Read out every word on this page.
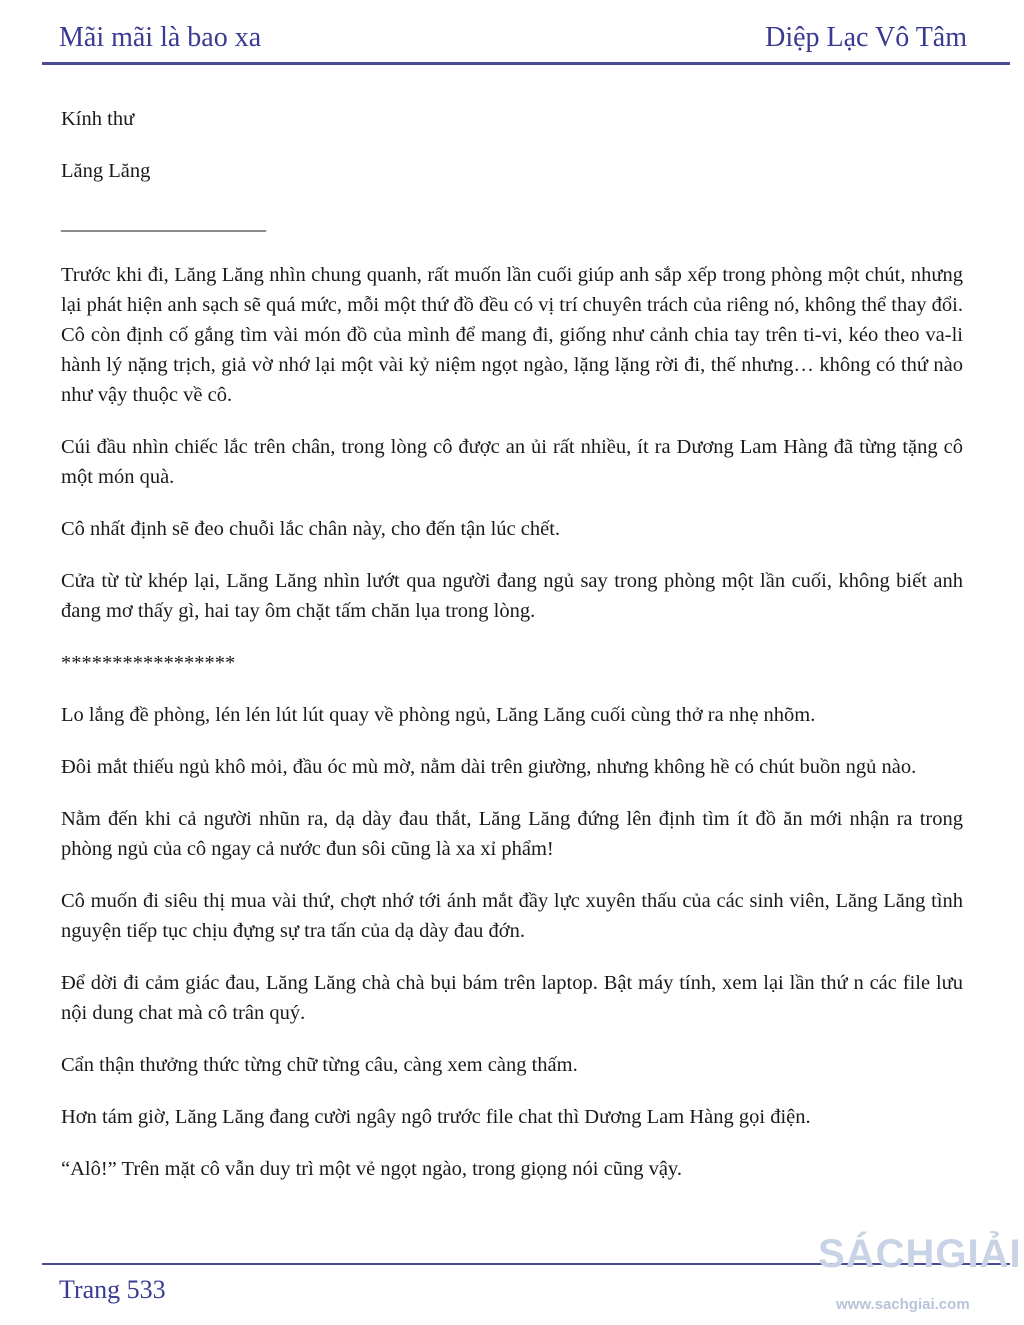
Mãi mãi là bao xa	Diệp Lạc Vô Tâm

Kính thư

Lăng Lăng

____________________

Trước khi đi, Lăng Lăng nhìn chung quanh, rất muốn lần cuối giúp anh sắp xếp trong phòng một chút, nhưng lại phát hiện anh sạch sẽ quá mức, mỗi một thứ đồ đều có vị trí chuyên trách của riêng nó, không thể thay đổi. Cô còn định cố gắng tìm vài món đồ của mình để mang đi, giống như cảnh chia tay trên ti-vi, kéo theo va-li hành lý nặng trịch, giả vờ nhớ lại một vài kỷ niệm ngọt ngào, lặng lặng rời đi, thế nhưng… không có thứ nào như vậy thuộc về cô.

Cúi đầu nhìn chiếc lắc trên chân, trong lòng cô được an ủi rất nhiều, ít ra Dương Lam Hàng đã từng tặng cô một món quà.

Cô nhất định sẽ đeo chuỗi lắc chân này, cho đến tận lúc chết.

Cửa từ từ khép lại, Lăng Lăng nhìn lướt qua người đang ngủ say trong phòng một lần cuối, không biết anh đang mơ thấy gì, hai tay ôm chặt tấm chăn lụa trong lòng.

*****************

Lo lắng đề phòng, lén lén lút lút quay về phòng ngủ, Lăng Lăng cuối cùng thở ra nhẹ nhõm.

Đôi mắt thiếu ngủ khô mỏi, đầu óc mù mờ, nằm dài trên giường, nhưng không hề có chút buồn ngủ nào.

Nằm đến khi cả người nhũn ra, dạ dày đau thắt, Lăng Lăng đứng lên định tìm ít đồ ăn mới nhận ra trong phòng ngủ của cô ngay cả nước đun sôi cũng là xa xỉ phẩm!

Cô muốn đi siêu thị mua vài thứ, chợt nhớ tới ánh mắt đầy lực xuyên thấu của các sinh viên, Lăng Lăng tình nguyện tiếp tục chịu đựng sự tra tấn của dạ dày đau đớn.

Để dời đi cảm giác đau, Lăng Lăng chà chà bụi bám trên laptop. Bật máy tính, xem lại lần thứ n các file lưu nội dung chat mà cô trân quý.

Cẩn thận thưởng thức từng chữ từng câu, càng xem càng thấm.

Hơn tám giờ, Lăng Lăng đang cười ngây ngô trước file chat thì Dương Lam Hàng gọi điện.

“Alô!” Trên mặt cô vẫn duy trì một vẻ ngọt ngào, trong giọng nói cũng vậy.

Trang 533
SÁCHGIẢI
www.sachgiai.com
